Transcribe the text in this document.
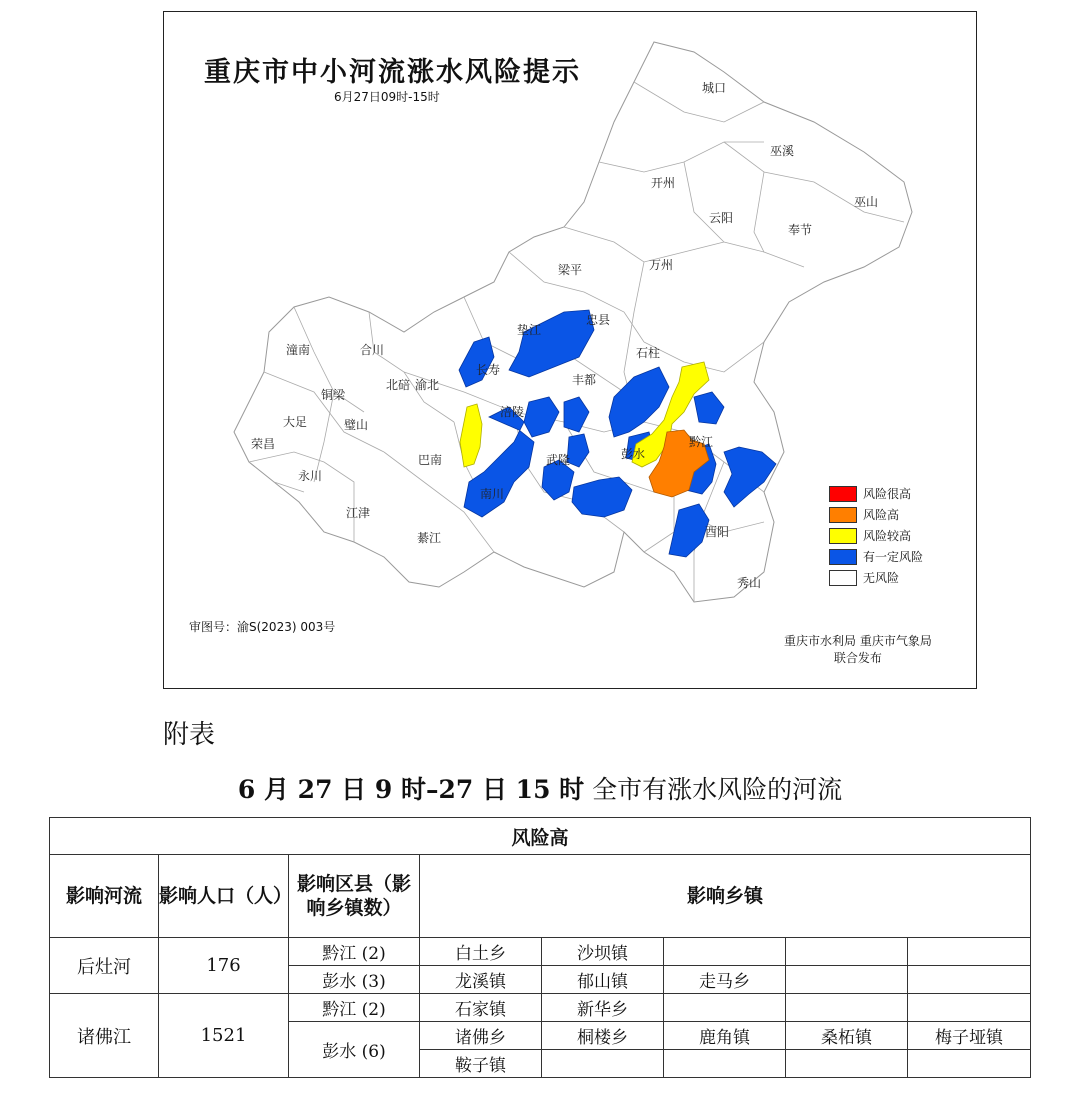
城口
巫溪
开州
云阳
巫山
奉节
梁平	万州
垫江
忠县
潼南	合川	石柱
长寿
丰都
铜梁
北碚 渝北
大足	璧山
涪陵
荣昌
巴南	武隆	彭水
黔江
永川
南川
酉阳
江津
綦江
秀山
重庆市中小河流涨水风险提示
6月27日09时-15时
风险很高
风险高
风险较高
有一定风险
无风险
审图号：渝S(2023) 003号
重庆市水利局 重庆市气象局
联合发布
附表
6 月 27 日 9 时–27 日 15 时 全市有涨水风险的河流
风险高							
影响河流	影响人口（人）	影响区县（影响乡镇数）	影响乡镇				
后灶河	176	黔江 (2)	白土乡	沙坝镇			
		彭水 (3)	龙溪镇	郁山镇	走马乡		
诸佛江	1521	黔江 (2)	石家镇	新华乡			
		彭水 (6)	诸佛乡	桐楼乡	鹿角镇	桑柘镇	梅子垭镇
			鞍子镇				
